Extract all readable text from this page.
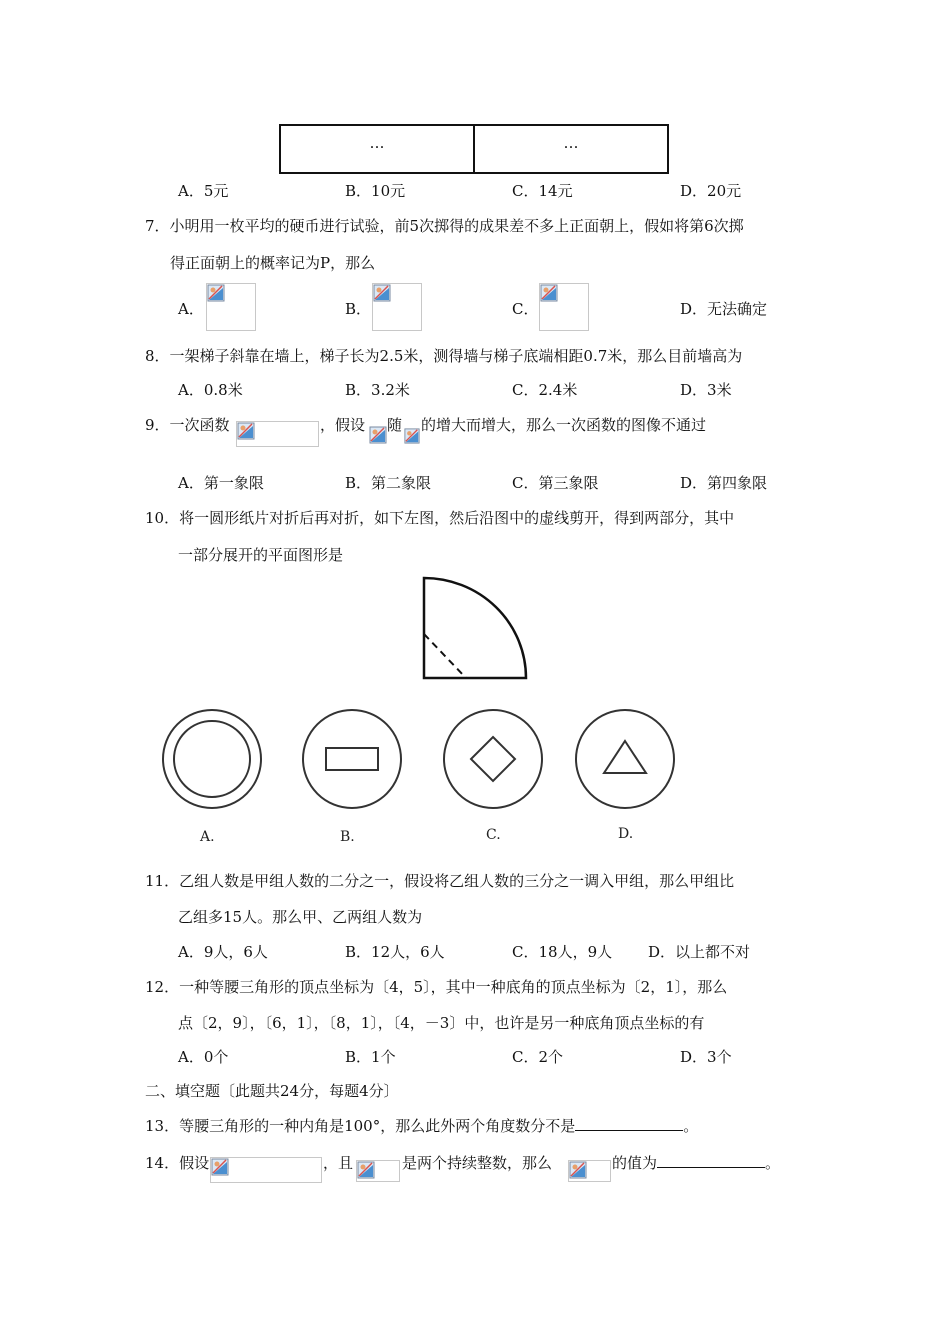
…	…
A．5元	B．10元	C．14元	D．20元
7．小明用一枚平均的硬币进行试验，前5次掷得的成果差不多上正面朝上，假如将第6次掷
得正面朝上的概率记为P，那么
A．	B．	C．	D．无法确定
8．一架梯子斜靠在墙上，梯子长为2.5米，测得墙与梯子底端相距0.7米，那么目前墙高为
A．0.8米	B．3.2米	C．2.4米	D．3米
9．一次函数	，假设 随 的增大而增大，那么一次函数的图像不通过
A．第一象限	B．第二象限	C．第三象限	D．第四象限
10．将一圆形纸片对折后再对折，如下左图，然后沿图中的虚线剪开，得到两部分，其中
一部分展开的平面图形是
A.	B.	C.	D.
11．乙组人数是甲组人数的二分之一，假设将乙组人数的三分之一调入甲组，那么甲组比
乙组多15人。那么甲、乙两组人数为
A．9人，6人	B．12人，6人	C．18人，9人 D．以上都不对
12．一种等腰三角形的顶点坐标为〔4，5〕，其中一种底角的顶点坐标为〔2，1〕，那么
点〔2，9〕，〔6，1〕，〔8，1〕，〔4，－3〕中，也许是另一种底角顶点坐标的有
A．0个	B．1个	C．2个	D．3个
二、填空题〔此题共24分，每题4分〕
13．等腰三角形的一种内角是100°，那么此外两个角度数分不是	。
14．假设	，且	是两个持续整数，那么	的值为	。
